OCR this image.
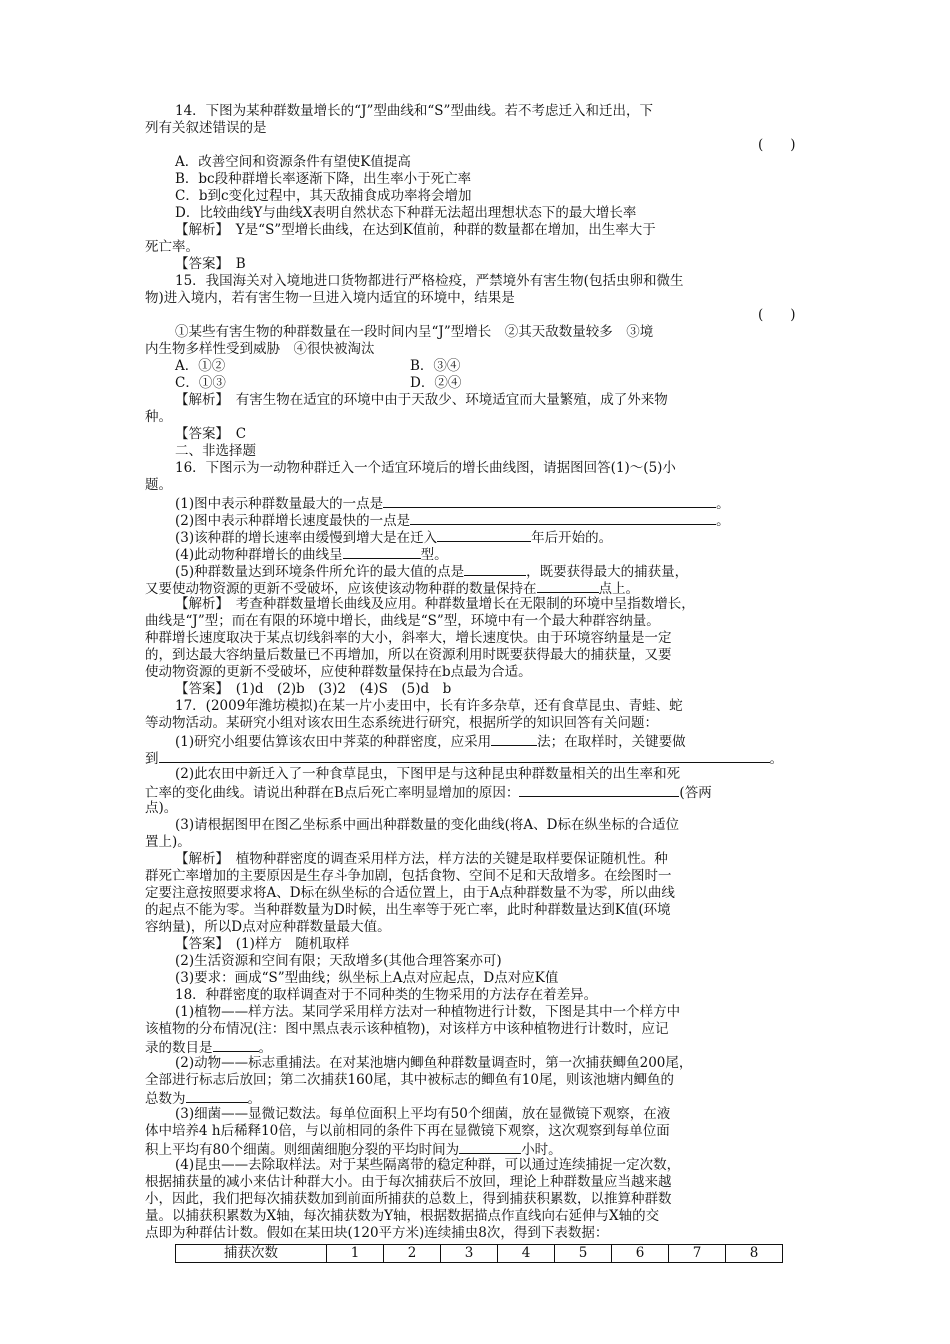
14．下图为某种群数量增长的“J”型曲线和“S”型曲线。若不考虑迁入和迁出，下
列有关叙述错误的是
(　　)
A．改善空间和资源条件有望使K值提高
B．bc段种群增长率逐渐下降，出生率小于死亡率
C．b到c变化过程中，其天敌捕食成功率将会增加
D．比较曲线Y与曲线X表明自然状态下种群无法超出理想状态下的最大增长率
【解析】　Y是“S”型增长曲线，在达到K值前，种群的数量都在增加，出生率大于
死亡率。
【答案】　B
15．我国海关对入境地进口货物都进行严格检疫，严禁境外有害生物(包括虫卵和微生
物)进入境内，若有害生物一旦进入境内适宜的环境中，结果是
(　　)
①某些有害生物的种群数量在一段时间内呈“J”型增长　②其天敌数量较多　③境
内生物多样性受到威胁　④很快被淘汰
A．①②	B．③④
C．①③	D．②④
【解析】　有害生物在适宜的环境中由于天敌少、环境适宜而大量繁殖，成了外来物
种。
【答案】　C
二、非选择题
16．下图示为一动物种群迁入一个适宜环境后的增长曲线图，请据图回答(1)～(5)小
题。
(1)图中表示种群数量最大的一点是	。
(2)图中表示种群增长速度最快的一点是	。
(3)该种群的增长速率由缓慢到增大是在迁入	年后开始的。
(4)此动物种群增长的曲线呈	型。
(5)种群数量达到环境条件所允许的最大值的点是	，既要获得最大的捕获量，
又要使动物资源的更新不受破坏，应该使该动物种群的数量保持在	点上。
【解析】　考查种群数量增长曲线及应用。种群数量增长在无限制的环境中呈指数增长，
曲线是“J”型；而在有限的环境中增长，曲线是“S”型，环境中有一个最大种群容纳量。
种群增长速度取决于某点切线斜率的大小，斜率大，增长速度快。由于环境容纳量是一定
的，到达最大容纳量后数量已不再增加，所以在资源利用时既要获得最大的捕获量，又要
使动物资源的更新不受破坏，应使种群数量保持在b点最为合适。
【答案】　(1)d　(2)b　(3)2　(4)S　(5)d　b
17．(2009年潍坊模拟)在某一片小麦田中，长有许多杂草，还有食草昆虫、青蛙、蛇
等动物活动。某研究小组对该农田生态系统进行研究，根据所学的知识回答有关问题：
(1)研究小组要估算该农田中荠菜的种群密度，应采用	法；在取样时，关键要做
到	。
(2)此农田中新迁入了一种食草昆虫，下图甲是与这种昆虫种群数量相关的出生率和死
亡率的变化曲线。请说出种群在B点后死亡率明显增加的原因：	(答两
点)。
(3)请根据图甲在图乙坐标系中画出种群数量的变化曲线(将A、D标在纵坐标的合适位
置上)。
【解析】　植物种群密度的调查采用样方法，样方法的关键是取样要保证随机性。种
群死亡率增加的主要原因是生存斗争加剧，包括食物、空间不足和天敌增多。在绘图时一
定要注意按照要求将A、D标在纵坐标的合适位置上，由于A点种群数量不为零，所以曲线
的起点不能为零。当种群数量为D时候，出生率等于死亡率，此时种群数量达到K值(环境
容纳量)，所以D点对应种群数量最大值。
【答案】　(1)样方　随机取样
(2)生活资源和空间有限；天敌增多(其他合理答案亦可)
(3)要求：画成“S”型曲线；纵坐标上A点对应起点，D点对应K值
18．种群密度的取样调查对于不同种类的生物采用的方法存在着差异。
(1)植物——样方法。某同学采用样方法对一种植物进行计数，下图是其中一个样方中
该植物的分布情况(注：图中黑点表示该种植物)，对该样方中该种植物进行计数时，应记
录的数目是	。
(2)动物——标志重捕法。在对某池塘内鲫鱼种群数量调查时，第一次捕获鲫鱼200尾，
全部进行标志后放回；第二次捕获160尾，其中被标志的鲫鱼有10尾，则该池塘内鲫鱼的
总数为	。
(3)细菌——显微记数法。每单位面积上平均有50个细菌，放在显微镜下观察，在液
体中培养4 h后稀释10倍，与以前相同的条件下再在显微镜下观察，这次观察到每单位面
积上平均有80个细菌。则细菌细胞分裂的平均时间为	小时。
(4)昆虫——去除取样法。对于某些隔离带的稳定种群，可以通过连续捕捉一定次数，
根据捕获量的减小来估计种群大小。由于每次捕获后不放回，理论上种群数量应当越来越
小，因此，我们把每次捕获数加到前面所捕获的总数上，得到捕获积累数，以推算种群数
量。以捕获积累数为X轴，每次捕获数为Y轴，根据数据描点作直线向右延伸与X轴的交
点即为种群估计数。假如在某田块(120平方米)连续捕虫8次，得到下表数据：
捕获次数	1	2	3	4	5	6	7	8
